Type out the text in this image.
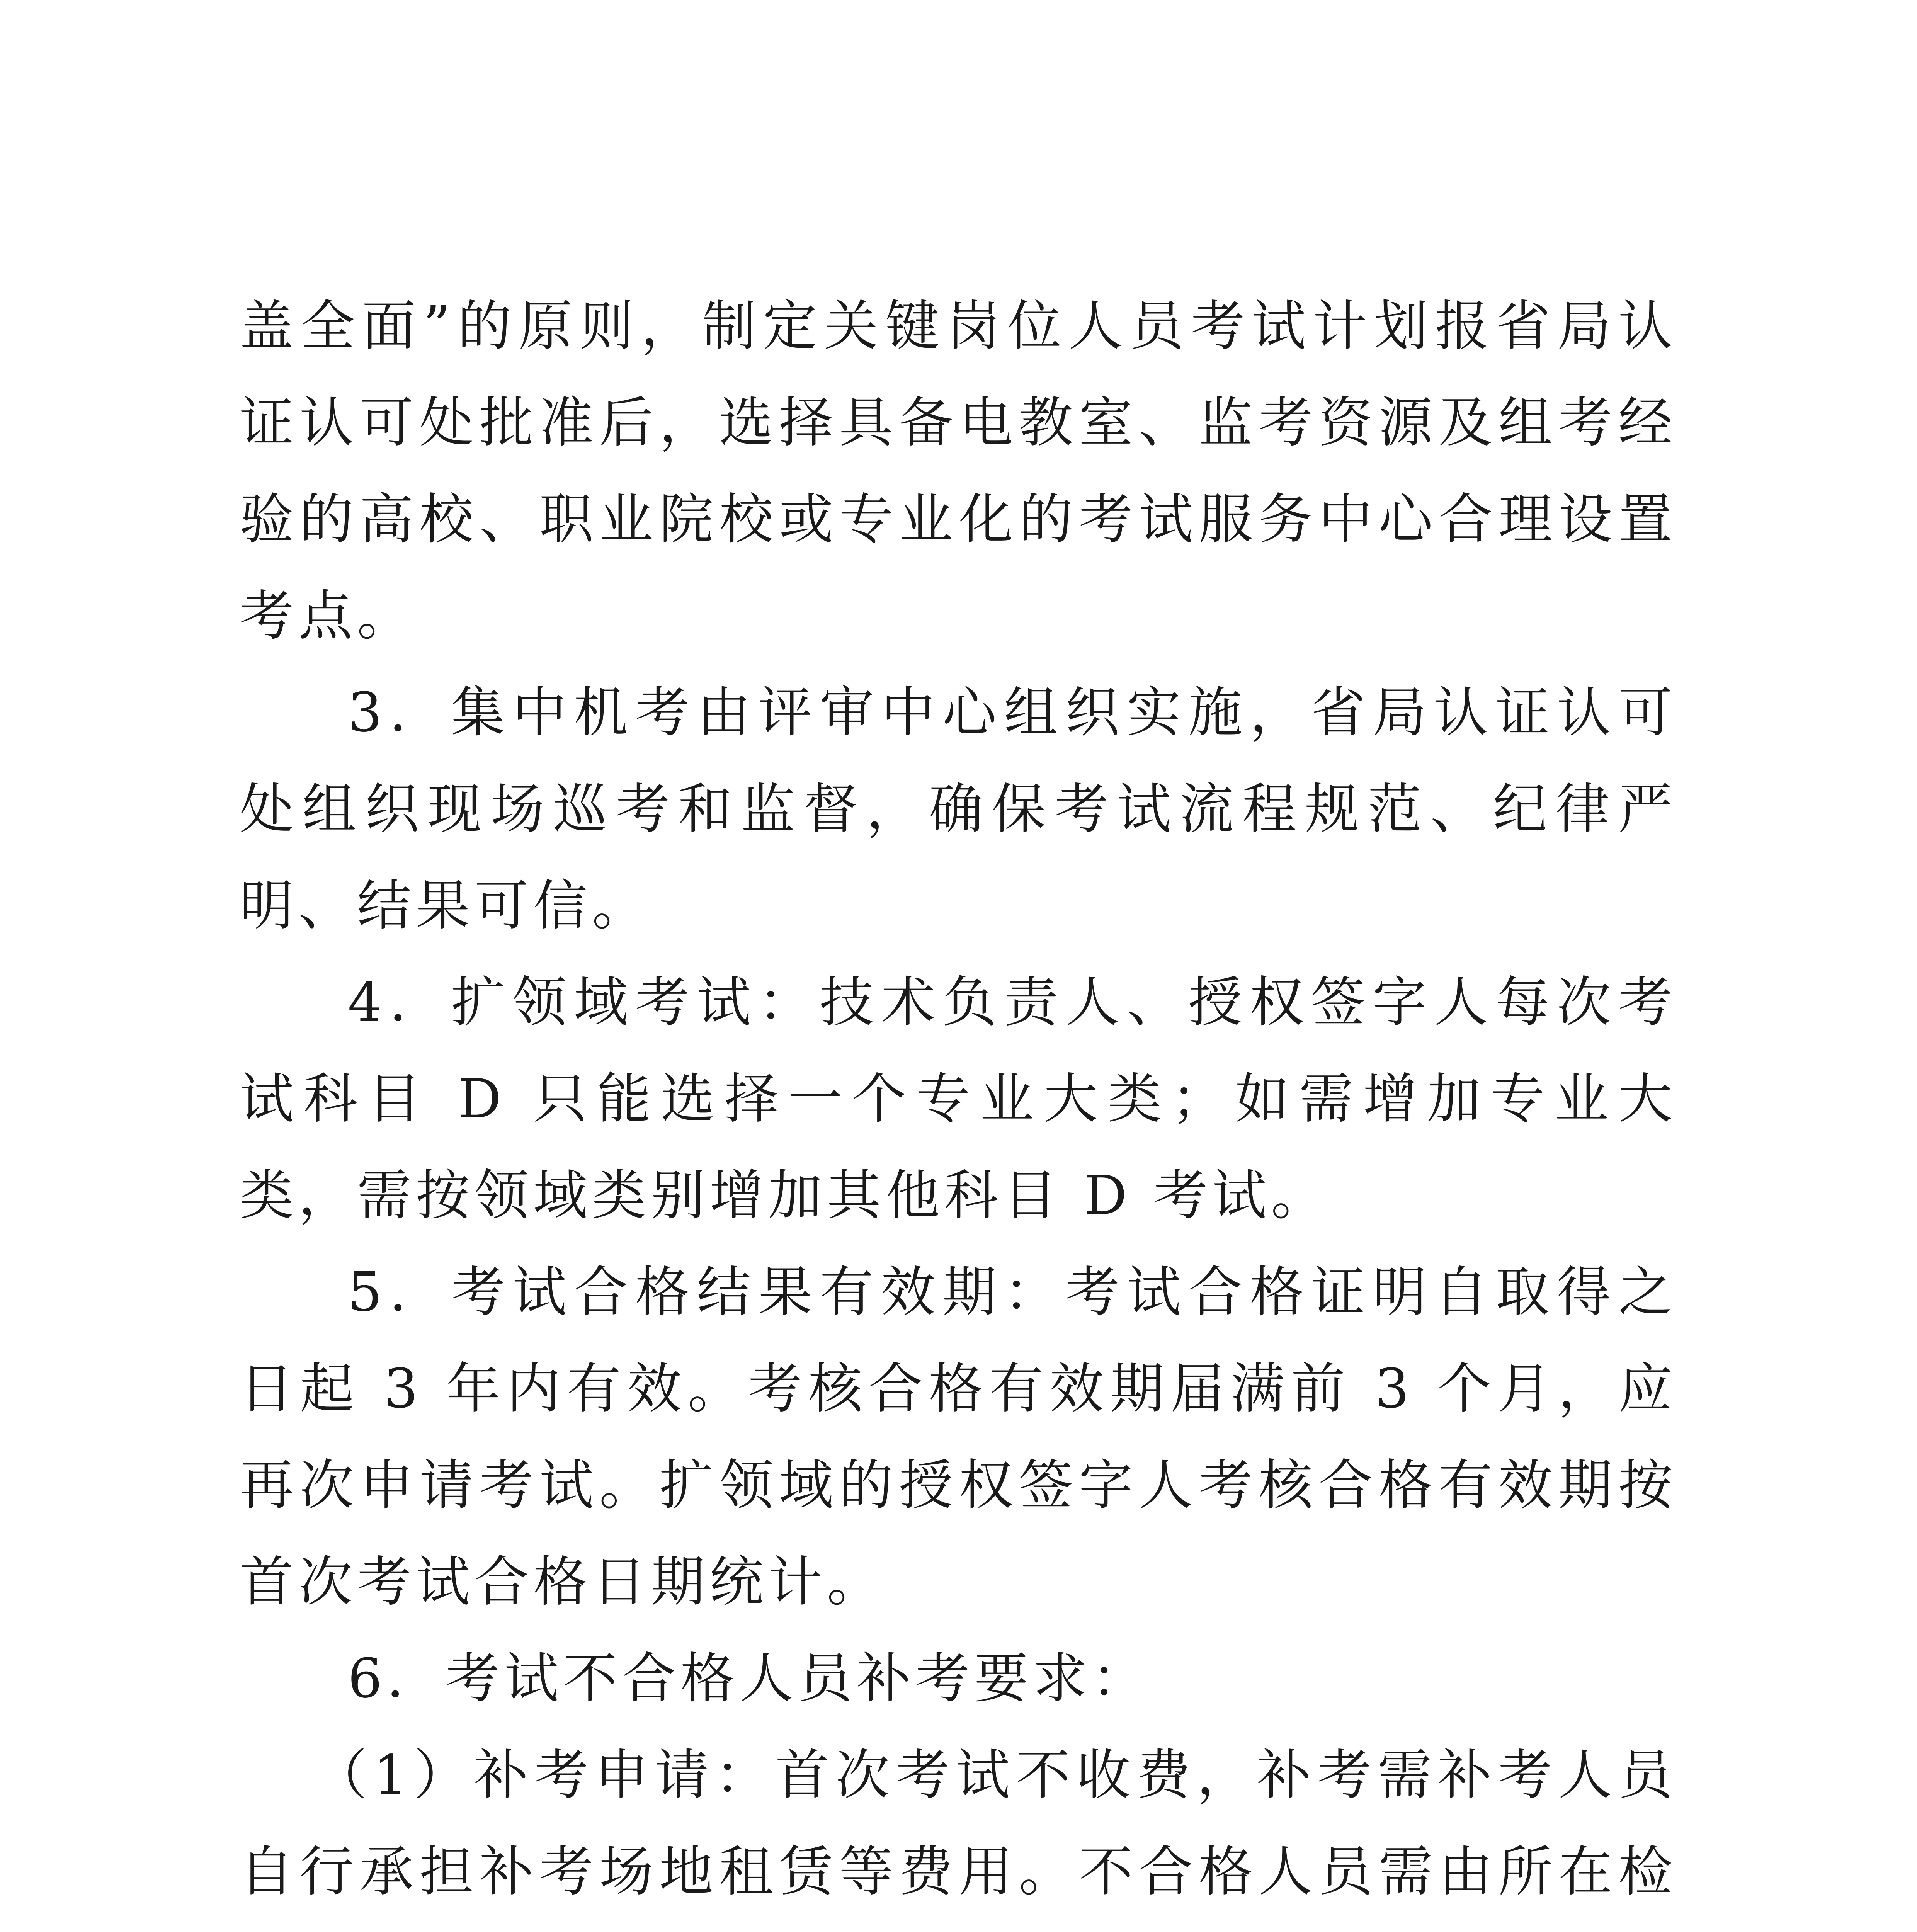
盖全面”的原则，制定关键岗位人员考试计划报省局认证认可处批准后，选择具备电教室、监考资源及组考经验的高校、职业院校或专业化的考试服务中心合理设置考点。

3．集中机考由评审中心组织实施，省局认证认可处组织现场巡考和监督，确保考试流程规范、纪律严明、结果可信。

4．扩领域考试：技术负责人、授权签字人每次考试科目 D 只能选择一个专业大类；如需增加专业大类，需按领域类别增加其他科目 D 考试。

5．考试合格结果有效期：考试合格证明自取得之日起 3 年内有效。考核合格有效期届满前 3 个月，应再次申请考试。扩领域的授权签字人考核合格有效期按首次考试合格日期统计。

6．考试不合格人员补考要求：

（1）补考申请：首次考试不收费，补考需补考人员自行承担补考场地租赁等费用。不合格人员需由所在检
